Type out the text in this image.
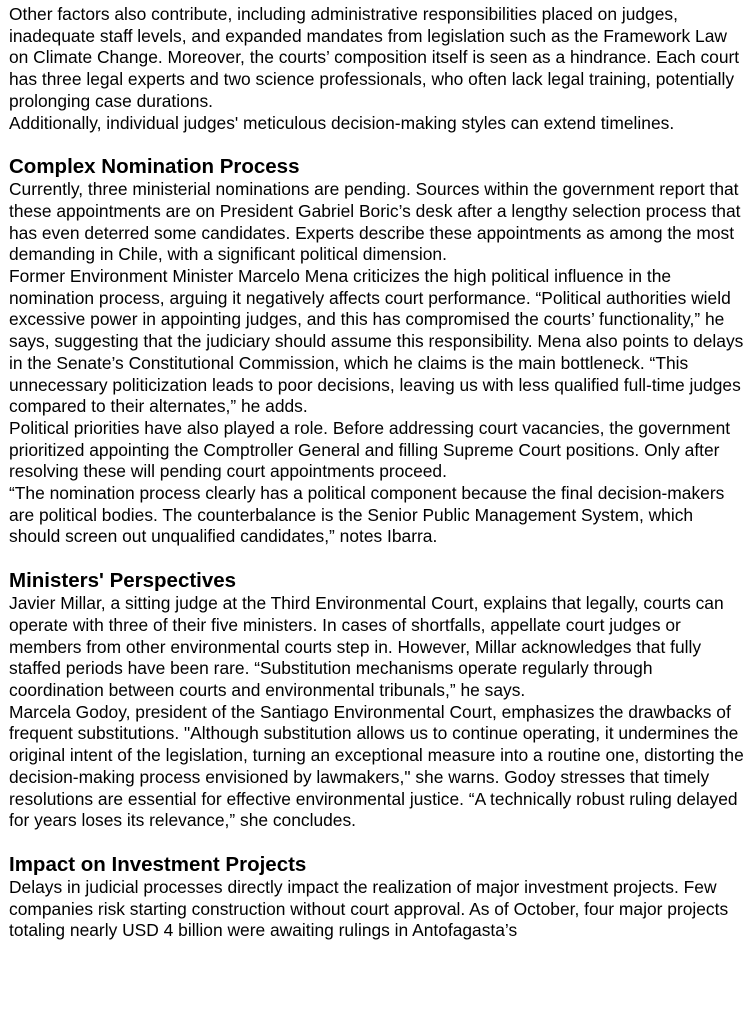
Other factors also contribute, including administrative responsibilities placed on judges, inadequate staff levels, and expanded mandates from legislation such as the Framework Law on Climate Change. Moreover, the courts’ composition itself is seen as a hindrance. Each court has three legal experts and two science professionals, who often lack legal training, potentially prolonging case durations.

Additionally, individual judges' meticulous decision-making styles can extend timelines.

Complex Nomination Process

Currently, three ministerial nominations are pending. Sources within the government report that these appointments are on President Gabriel Boric’s desk after a lengthy selection process that has even deterred some candidates. Experts describe these appointments as among the most demanding in Chile, with a significant political dimension.

Former Environment Minister Marcelo Mena criticizes the high political influence in the nomination process, arguing it negatively affects court performance. “Political authorities wield excessive power in appointing judges, and this has compromised the courts’ functionality,” he says, suggesting that the judiciary should assume this responsibility. Mena also points to delays in the Senate’s Constitutional Commission, which he claims is the main bottleneck. “This unnecessary politicization leads to poor decisions, leaving us with less qualified full-time judges compared to their alternates,” he adds.

Political priorities have also played a role. Before addressing court vacancies, the government prioritized appointing the Comptroller General and filling Supreme Court positions. Only after resolving these will pending court appointments proceed.

“The nomination process clearly has a political component because the final decision-makers are political bodies. The counterbalance is the Senior Public Management System, which should screen out unqualified candidates,” notes Ibarra.

Ministers' Perspectives

Javier Millar, a sitting judge at the Third Environmental Court, explains that legally, courts can operate with three of their five ministers. In cases of shortfalls, appellate court judges or members from other environmental courts step in. However, Millar acknowledges that fully staffed periods have been rare. “Substitution mechanisms operate regularly through coordination between courts and environmental tribunals,” he says.

Marcela Godoy, president of the Santiago Environmental Court, emphasizes the drawbacks of frequent substitutions. "Although substitution allows us to continue operating, it undermines the original intent of the legislation, turning an exceptional measure into a routine one, distorting the decision-making process envisioned by lawmakers," she warns. Godoy stresses that timely resolutions are essential for effective environmental justice. “A technically robust ruling delayed for years loses its relevance,” she concludes.

Impact on Investment Projects

Delays in judicial processes directly impact the realization of major investment projects. Few companies risk starting construction without court approval. As of October, four major projects totaling nearly USD 4 billion were awaiting rulings in Antofagasta’s
